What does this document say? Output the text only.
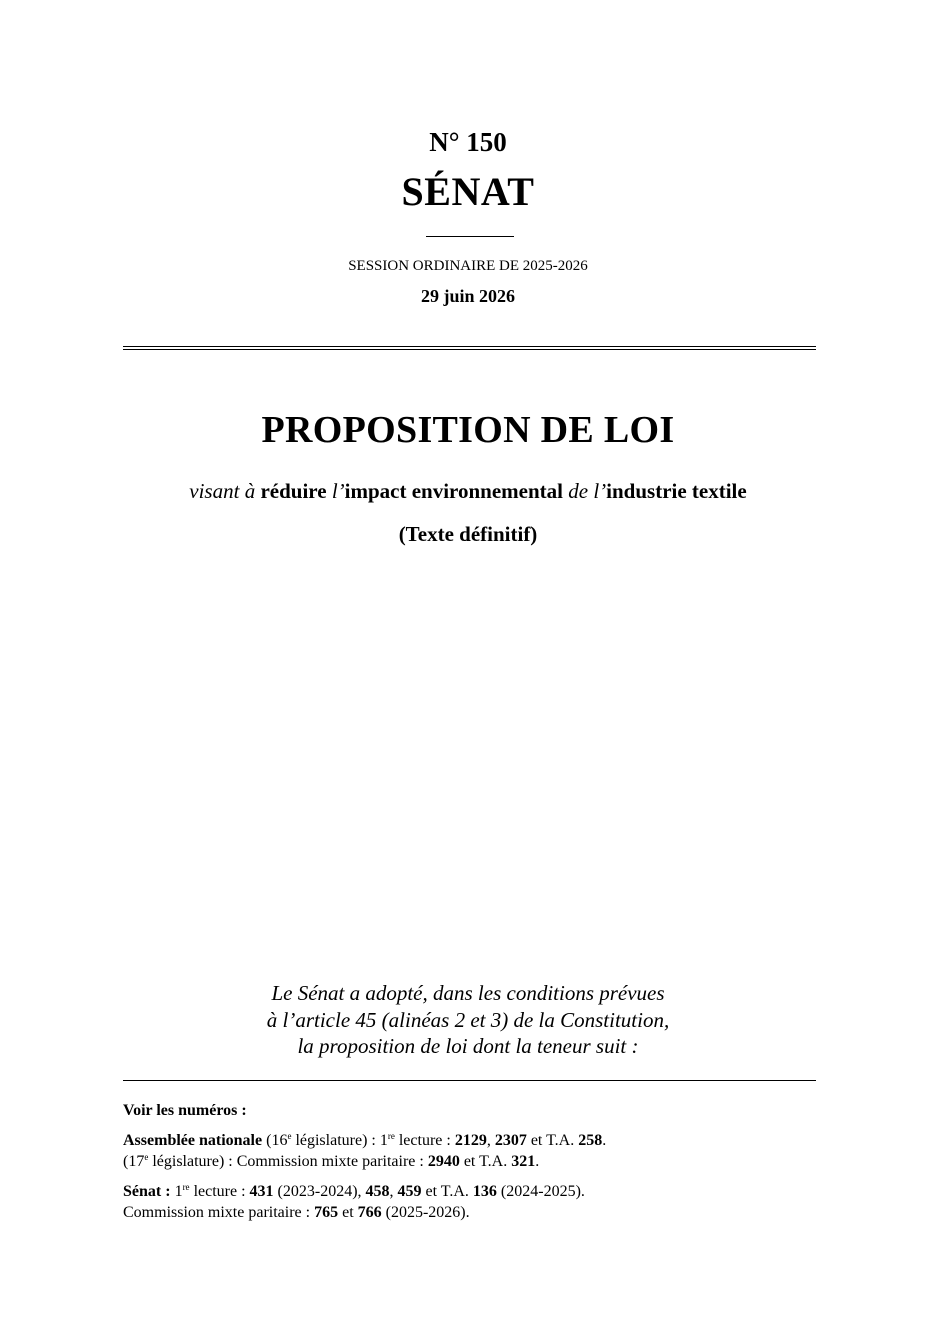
N° 150
SÉNAT
SESSION ORDINAIRE DE 2025-2026
29 juin 2026
PROPOSITION DE LOI
visant à réduire l’impact environnemental de l’industrie textile
(Texte définitif)
Le Sénat a adopté, dans les conditions prévues
à l’article 45 (alinéas 2 et 3) de la Constitution,
la proposition de loi dont la teneur suit :

Voir les numéros :

Assemblée nationale (16e législature) : 1re lecture : 2129, 2307 et T.A. 258.

(17e législature) : Commission mixte paritaire : 2940 et T.A. 321.

Sénat : 1re lecture : 431 (2023-2024), 458, 459 et T.A. 136 (2024-2025).

Commission mixte paritaire : 765 et 766 (2025-2026).
